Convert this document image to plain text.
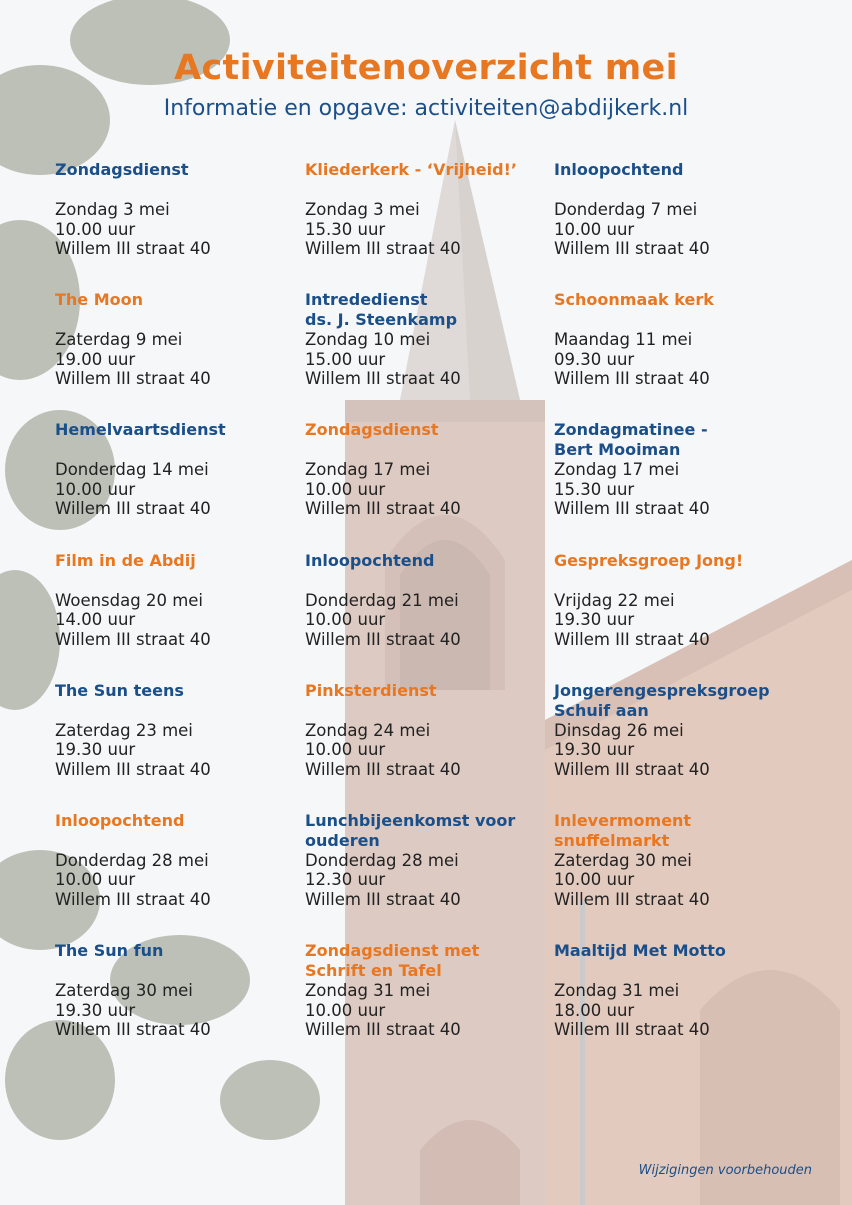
Activiteitenoverzicht mei

Informatie en opgave: activiteiten@abdijkerk.nl

Zondagsdienst
Zondag 3 mei
10.00 uur
Willem III straat 40
Kliederkerk - ‘Vrijheid!’
Zondag 3 mei
15.30 uur
Willem III straat 40
Inloopochtend
Donderdag 7 mei
10.00 uur
Willem III straat 40
The Moon
Zaterdag 9 mei
19.00 uur
Willem III straat 40
Intrededienst
ds. J. Steenkamp
Zondag 10 mei
15.00 uur
Willem III straat 40
Schoonmaak kerk
Maandag 11 mei
09.30 uur
Willem III straat 40
Hemelvaartsdienst
Donderdag 14 mei
10.00 uur
Willem III straat 40
Zondagsdienst
Zondag 17 mei
10.00 uur
Willem III straat 40
Zondagmatinee -
Bert Mooiman
Zondag 17 mei
15.30 uur
Willem III straat 40
Film in de Abdij
Woensdag 20 mei
14.00 uur
Willem III straat 40
Inloopochtend
Donderdag 21 mei
10.00 uur
Willem III straat 40
Gespreksgroep Jong!
Vrijdag 22 mei
19.30 uur
Willem III straat 40
The Sun teens
Zaterdag 23 mei
19.30 uur
Willem III straat 40
Pinksterdienst
Zondag 24 mei
10.00 uur
Willem III straat 40
Jongerengespreksgroep
Schuif aan
Dinsdag 26 mei
19.30 uur
Willem III straat 40
Inloopochtend
Donderdag 28 mei
10.00 uur
Willem III straat 40
Lunchbijeenkomst voor
ouderen
Donderdag 28 mei
12.30 uur
Willem III straat 40
Inlevermoment
snuffelmarkt
Zaterdag 30 mei
10.00 uur
Willem III straat 40
The Sun fun
Zaterdag 30 mei
19.30 uur
Willem III straat 40
Zondagsdienst met
Schrift en Tafel
Zondag 31 mei
10.00 uur
Willem III straat 40
Maaltijd Met Motto
Zondag 31 mei
18.00 uur
Willem III straat 40
Wijzigingen voorbehouden
